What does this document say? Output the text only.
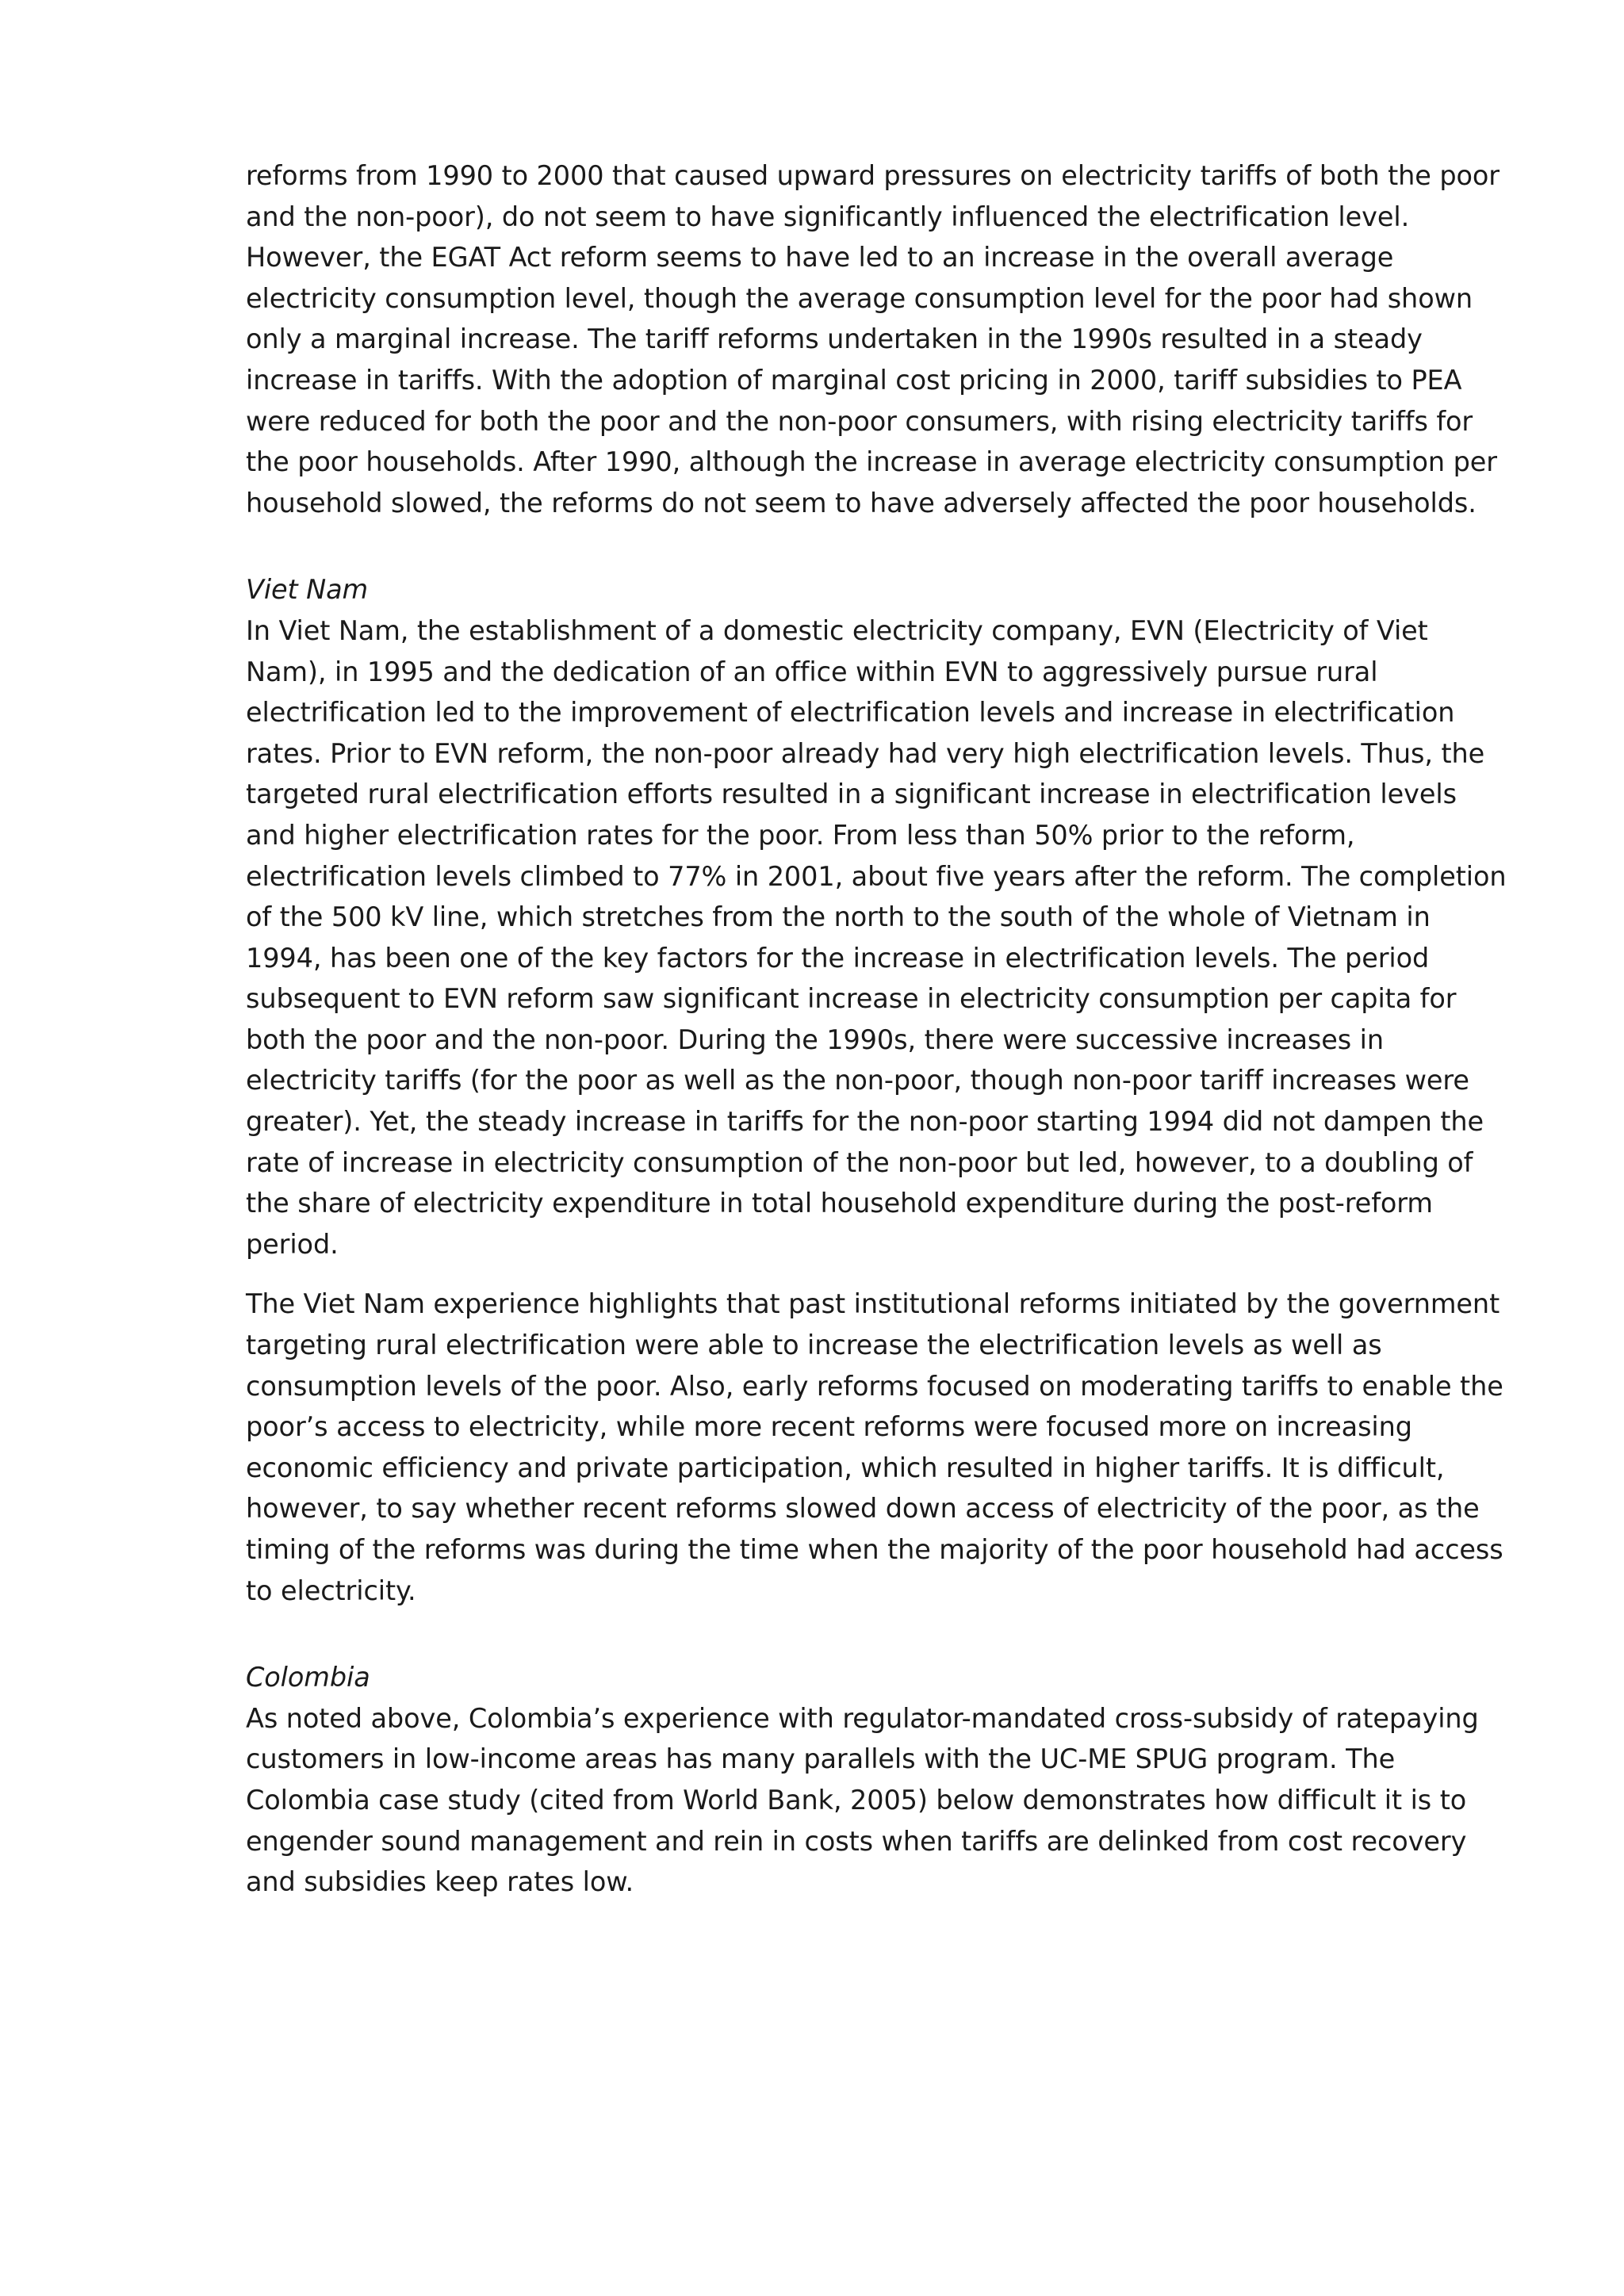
reforms from 1990 to 2000 that caused upward pressures on electricity tariffs of both the poor and the non-poor), do not seem to have significantly influenced the electrification level. However, the EGAT Act reform seems to have led to an increase in the overall average electricity consumption level, though the average consumption level for the poor had shown only a marginal increase. The tariff reforms undertaken in the 1990s resulted in a steady increase in tariffs. With the adoption of marginal cost pricing in 2000, tariff subsidies to PEA were reduced for both the poor and the non-poor consumers, with rising electricity tariffs for the poor households. After 1990, although the increase in average electricity consumption per household slowed, the reforms do not seem to have adversely affected the poor households.

Viet Nam

In Viet Nam, the establishment of a domestic electricity company, EVN (Electricity of Viet Nam), in 1995 and the dedication of an office within EVN to aggressively pursue rural electrification led to the improvement of electrification levels and increase in electrification rates. Prior to EVN reform, the non-poor already had very high electrification levels. Thus, the targeted rural electrification efforts resulted in a significant increase in electrification levels and higher electrification rates for the poor. From less than 50% prior to the reform, electrification levels climbed to 77% in 2001, about five years after the reform. The completion of the 500 kV line, which stretches from the north to the south of the whole of Vietnam in 1994, has been one of the key factors for the increase in electrification levels. The period subsequent to EVN reform saw significant increase in electricity consumption per capita for both the poor and the non-poor. During the 1990s, there were successive increases in electricity tariffs (for the poor as well as the non-poor, though non-poor tariff increases were greater). Yet, the steady increase in tariffs for the non-poor starting 1994 did not dampen the rate of increase in electricity consumption of the non-poor but led, however, to a doubling of the share of electricity expenditure in total household expenditure during the post-reform period.

The Viet Nam experience highlights that past institutional reforms initiated by the government targeting rural electrification were able to increase the electrification levels as well as consumption levels of the poor. Also, early reforms focused on moderating tariffs to enable the poor’s access to electricity, while more recent reforms were focused more on increasing economic efficiency and private participation, which resulted in higher tariffs. It is difficult, however, to say whether recent reforms slowed down access of electricity of the poor, as the timing of the reforms was during the time when the majority of the poor household had access to electricity.

Colombia

As noted above, Colombia’s experience with regulator-mandated cross-subsidy of ratepaying customers in low-income areas has many parallels with the UC-ME SPUG program. The Colombia case study (cited from World Bank, 2005) below demonstrates how difficult it is to engender sound management and rein in costs when tariffs are delinked from cost recovery and subsidies keep rates low.
